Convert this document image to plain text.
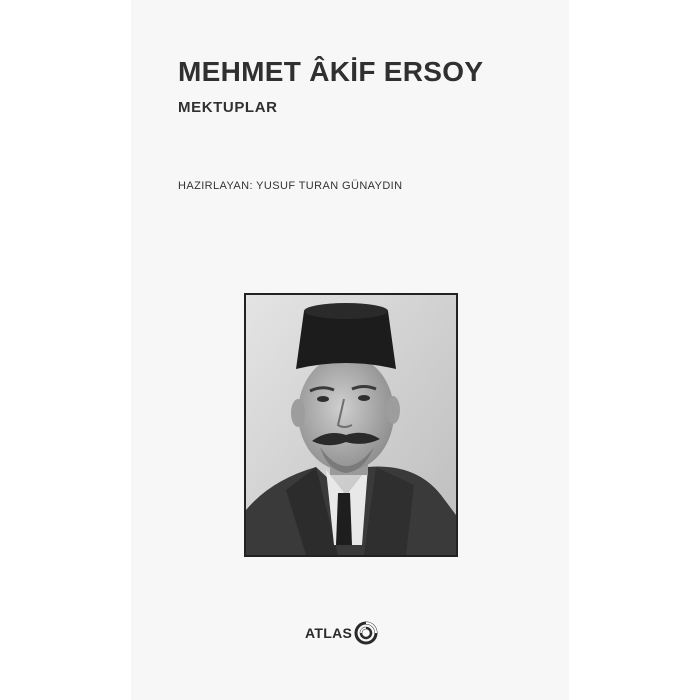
MEHMET ÂKİF ERSOY
MEKTUPLAR

HAZIRLAYAN: YUSUF TURAN GÜNAYDIN

ATLAS
